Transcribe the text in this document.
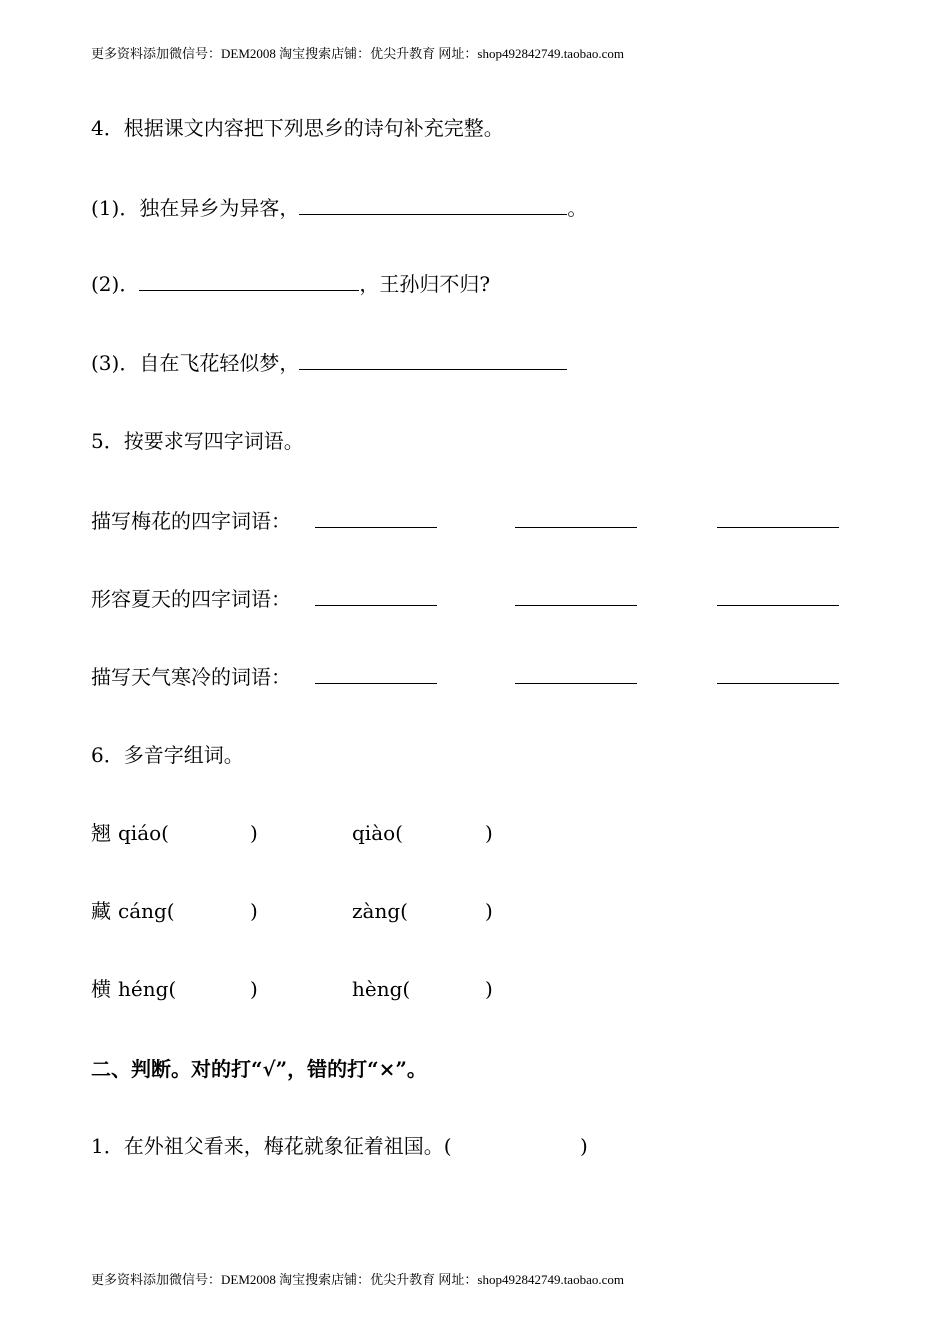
更多资料添加微信号：DEM2008 淘宝搜索店铺：优尖升教育 网址：shop492842749.taobao.com
4．根据课文内容把下列思乡的诗句补充完整。
(1)．独在异乡为异客，	。
(2)．	，王孙归不归?
(3)．自在飞花轻似梦，
5．按要求写四字词语。
描写梅花的四字词语：
形容夏天的四字词语：
描写天气寒冷的词语：
6．多音字组词。
翘 qiáo(	)	qiào(	)
藏 cáng(	)	zàng(	)
横 héng(	)	hèng(	)
二、判断。对的打“√”，错的打“×”。
1．在外祖父看来，梅花就象征着祖国。(	)
更多资料添加微信号：DEM2008 淘宝搜索店铺：优尖升教育 网址：shop492842749.taobao.com
